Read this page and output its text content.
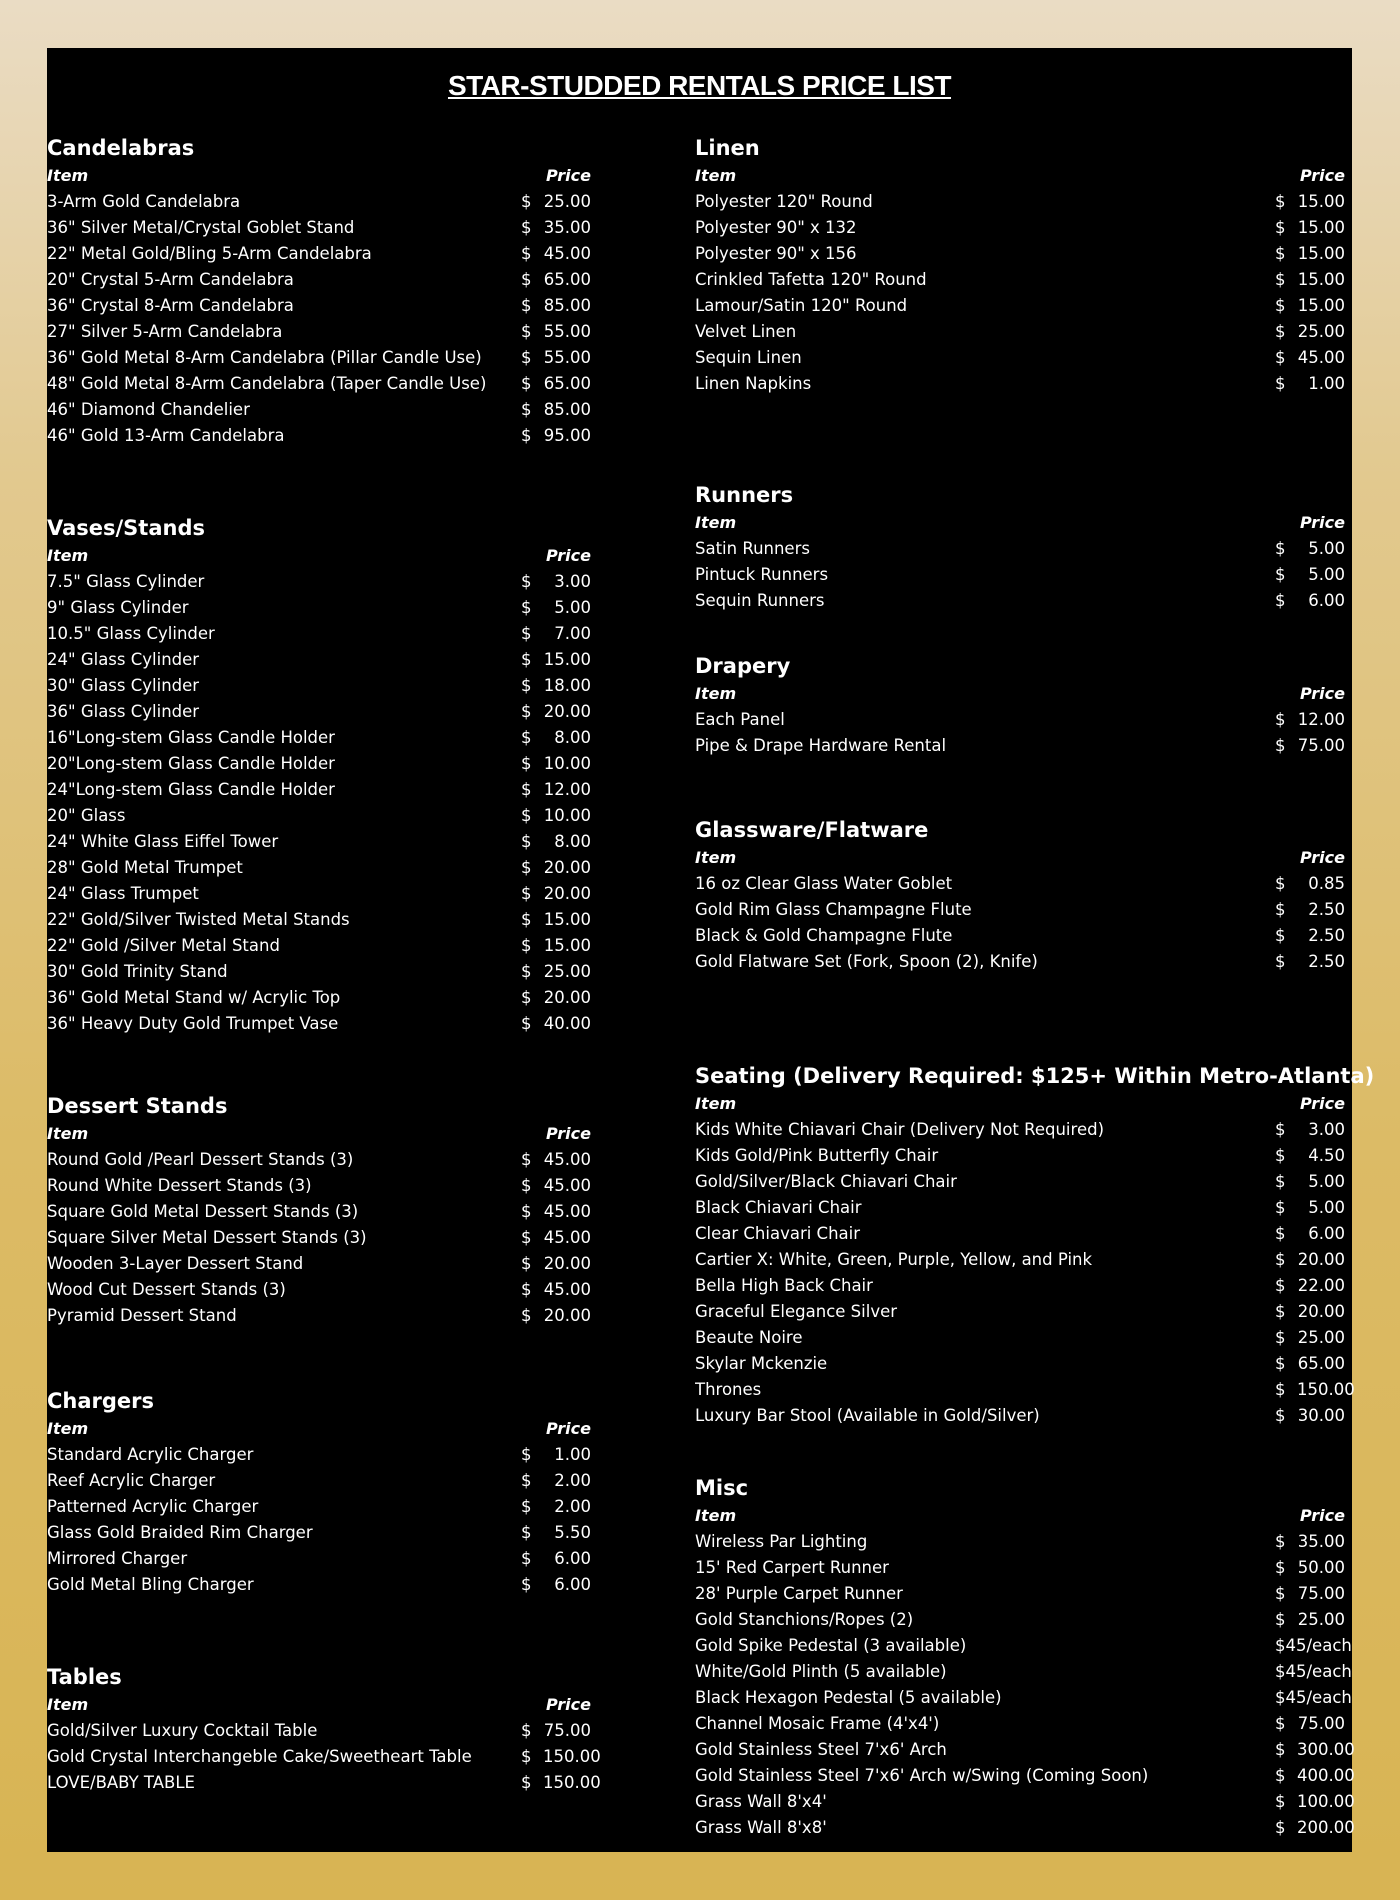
STAR-STUDDED RENTALS PRICE LIST
Candelabras
Item	Price
3-Arm Gold Candelabra	$ 25.00
36" Silver Metal/Crystal Goblet Stand	$ 35.00
22" Metal Gold/Bling 5-Arm Candelabra	$ 45.00
20" Crystal 5-Arm Candelabra	$ 65.00
36" Crystal 8-Arm Candelabra	$ 85.00
27" Silver 5-Arm Candelabra	$ 55.00
36" Gold Metal 8-Arm Candelabra (Pillar Candle Use)	$ 55.00
48" Gold Metal 8-Arm Candelabra (Taper Candle Use)	$ 65.00
46" Diamond Chandelier	$ 85.00
46" Gold 13-Arm Candelabra	$ 95.00
Vases/Stands
Item	Price
7.5" Glass Cylinder	$	3.00
9" Glass Cylinder	$	5.00
10.5" Glass Cylinder	$	7.00
24" Glass Cylinder	$ 15.00
30" Glass Cylinder	$ 18.00
36" Glass Cylinder	$ 20.00
16"Long-stem Glass Candle Holder	$	8.00
20"Long-stem Glass Candle Holder	$ 10.00
24"Long-stem Glass Candle Holder	$ 12.00
20" Glass	$ 10.00
24" White Glass Eiffel Tower	$	8.00
28" Gold Metal Trumpet	$ 20.00
24" Glass Trumpet	$ 20.00
22" Gold/Silver Twisted Metal Stands	$ 15.00
22" Gold /Silver Metal Stand	$ 15.00
30" Gold Trinity Stand	$ 25.00
36" Gold Metal Stand w/ Acrylic Top	$ 20.00
36" Heavy Duty Gold Trumpet Vase	$ 40.00
Dessert Stands
Item	Price
Round Gold /Pearl Dessert Stands (3)	$ 45.00
Round White Dessert Stands (3)	$ 45.00
Square Gold Metal Dessert Stands (3)	$ 45.00
Square Silver Metal Dessert Stands (3)	$ 45.00
Wooden 3-Layer Dessert Stand	$ 20.00
Wood Cut Dessert Stands (3)	$ 45.00
Pyramid Dessert Stand	$ 20.00
Chargers
Item	Price
Standard Acrylic Charger	$	1.00
Reef Acrylic Charger	$	2.00
Patterned Acrylic Charger	$	2.00
Glass Gold Braided Rim Charger	$	5.50
Mirrored Charger	$	6.00
Gold Metal Bling Charger	$	6.00
Tables
Item	Price
Gold/Silver Luxury Cocktail Table	$ 75.00
Gold Crystal Interchangeble Cake/Sweetheart Table	$ 150.00
LOVE/BABY TABLE	$ 150.00
Linen
Item	Price
Polyester 120" Round	$ 15.00
Polyester 90" x 132	$ 15.00
Polyester 90" x 156	$ 15.00
Crinkled Tafetta 120" Round	$ 15.00
Lamour/Satin 120" Round	$ 15.00
Velvet Linen	$ 25.00
Sequin Linen	$ 45.00
Linen Napkins	$	1.00
Runners
Item	Price
Satin Runners	$	5.00
Pintuck Runners	$	5.00
Sequin Runners	$	6.00
Drapery
Item	Price
Each Panel	$ 12.00
Pipe & Drape Hardware Rental	$ 75.00
Glassware/Flatware
Item	Price
16 oz Clear Glass Water Goblet	$	0.85
Gold Rim Glass Champagne Flute	$	2.50
Black & Gold Champagne Flute	$	2.50
Gold Flatware Set (Fork, Spoon (2), Knife)	$	2.50
Seating (Delivery Required: $125+ Within Metro-Atlanta)
Item	Price
Kids White Chiavari Chair (Delivery Not Required)	$	3.00
Kids Gold/Pink Butterfly Chair	$	4.50
Gold/Silver/Black Chiavari Chair	$	5.00
Black Chiavari Chair	$	5.00
Clear Chiavari Chair	$	6.00
Cartier X: White, Green, Purple, Yellow, and Pink	$ 20.00
Bella High Back Chair	$ 22.00
Graceful Elegance Silver	$ 20.00
Beaute Noire	$ 25.00
Skylar Mckenzie	$ 65.00
Thrones	$ 150.00
Luxury Bar Stool (Available in Gold/Silver)	$ 30.00
Misc
Item	Price
Wireless Par Lighting	$ 35.00
15' Red Carpert Runner	$ 50.00
28' Purple Carpet Runner	$ 75.00
Gold Stanchions/Ropes (2)	$ 25.00
Gold Spike Pedestal (3 available)	$45/each
White/Gold Plinth (5 available)	$45/each
Black Hexagon Pedestal (5 available)	$45/each
Channel Mosaic Frame (4'x4')	$ 75.00
Gold Stainless Steel 7'x6' Arch	$ 300.00
Gold Stainless Steel 7'x6' Arch w/Swing (Coming Soon)	$ 400.00
Grass Wall 8'x4'	$ 100.00
Grass Wall 8'x8'	$ 200.00
